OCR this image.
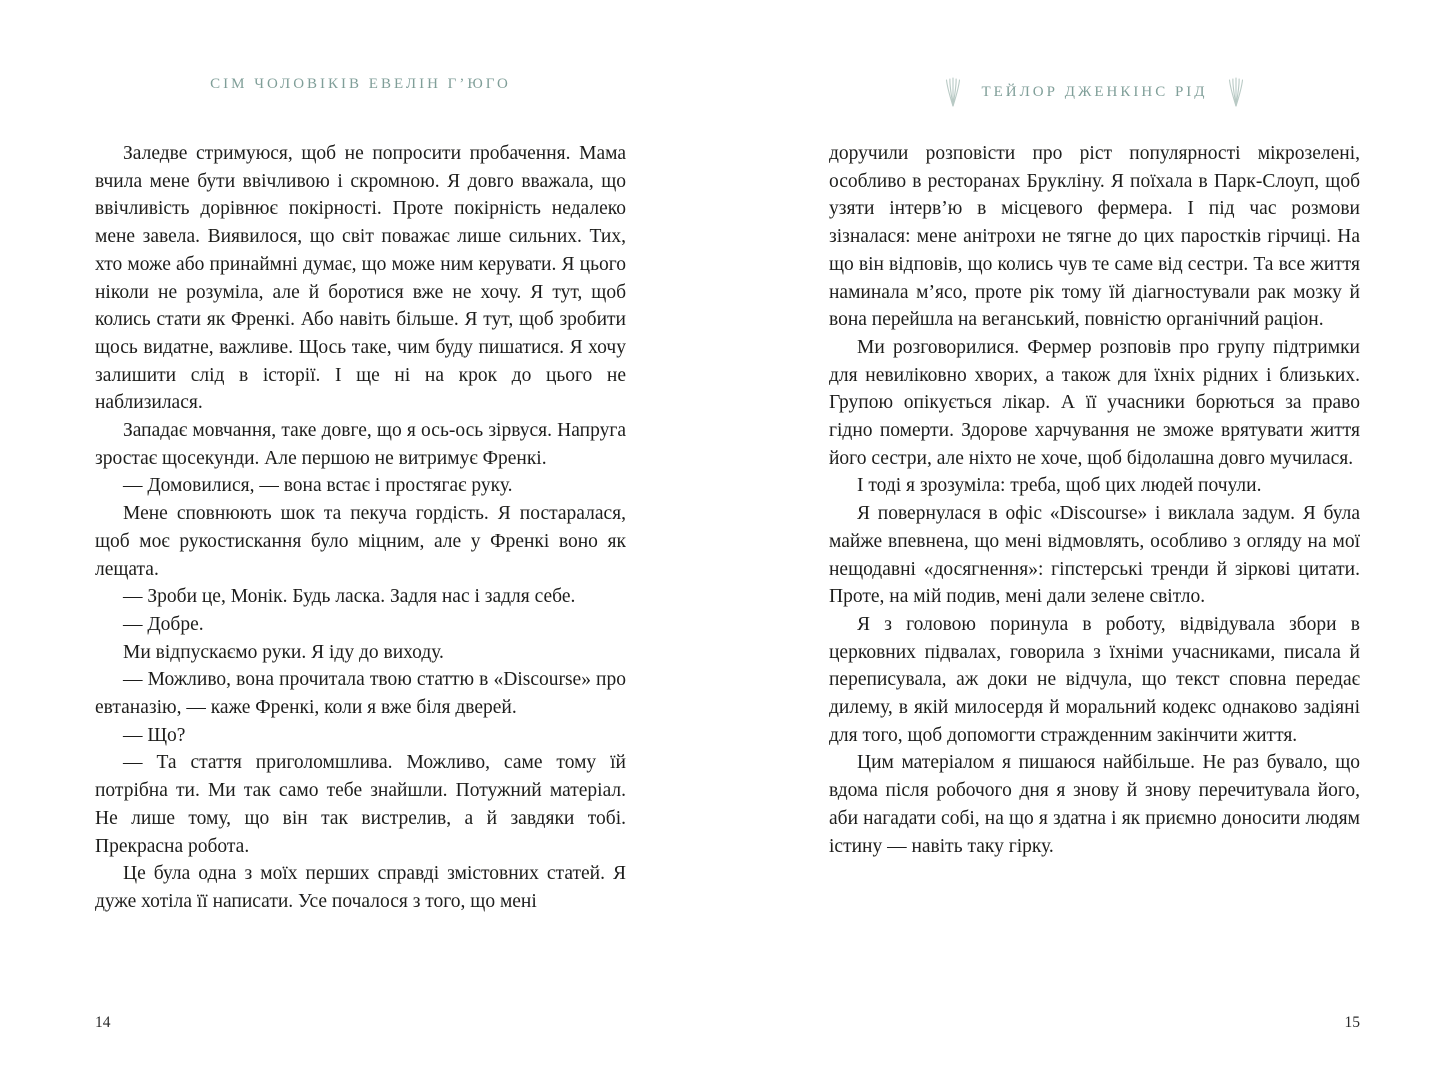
СІМ ЧОЛОВІКІВ ЕВЕЛІН Г’ЮГО

Заледве стримуюся, щоб не попросити пробачення. Мама вчила мене бути ввічливою і скромною. Я довго вважала, що ввічливість дорівнює покірності. Проте покірність недалеко мене завела. Виявилося, що світ поважає лише сильних. Тих, хто може або принаймні думає, що може ним керувати. Я цього ніколи не розуміла, але й боротися вже не хочу. Я тут, щоб колись стати як Френкі. Або навіть більше. Я тут, щоб зробити щось видатне, важливе. Щось таке, чим буду пишатися. Я хочу залишити слід в історії. І ще ні на крок до цього не наблизилася.

Западає мовчання, таке довге, що я ось-ось зірвуся. Напруга зростає щосекунди. Але першою не витримує Френкі.

— Домовилися, — вона встає і простягає руку.

Мене сповнюють шок та пекуча гордість. Я постаралася, щоб моє рукостискання було міцним, але у Френкі воно як лещата.

— Зроби це, Монік. Будь ласка. Задля нас і задля себе.

— Добре.

Ми відпускаємо руки. Я іду до виходу.

— Можливо, вона прочитала твою статтю в «Discourse» про евтаназію, — каже Френкі, коли я вже біля дверей.

— Що?

— Та стаття приголомшлива. Можливо, саме тому їй потрібна ти. Ми так само тебе знайшли. Потужний матеріал. Не лише тому, що він так вистрелив, а й завдяки тобі. Прекрасна робота.

Це була одна з моїх перших справді змістовних статей. Я дуже хотіла її написати. Усе почалося з того, що мені

14
ТЕЙЛОР ДЖЕНКІНС РІД

доручили розповісти про ріст популярності мікрозелені, особливо в ресторанах Брукліну. Я поїхала в Парк-Слоуп, щоб узяти інтерв’ю в місцевого фермера. І під час розмови зізналася: мене анітрохи не тягне до цих паростків гірчиці. На що він відповів, що колись чув те саме від сестри. Та все життя наминала м’ясо, проте рік тому їй діагностували рак мозку й вона перейшла на веганський, повністю органічний раціон.

Ми розговорилися. Фермер розповів про групу підтримки для невиліковно хворих, а також для їхніх рідних і близьких. Групою опікується лікар. А її учасники борються за право гідно померти. Здорове харчування не зможе врятувати життя його сестри, але ніхто не хоче, щоб бідолашна довго мучилася.

І тоді я зрозуміла: треба, щоб цих людей почули.

Я повернулася в офіс «Discourse» і виклала задум. Я була майже впевнена, що мені відмовлять, особливо з огляду на мої нещодавні «досягнення»: гіпстерські тренди й зіркові цитати. Проте, на мій подив, мені дали зелене світло.

Я з головою поринула в роботу, відвідувала збори в церковних підвалах, говорила з їхніми учасниками, писала й переписувала, аж доки не відчула, що текст сповна передає дилему, в якій милосердя й моральний кодекс однаково задіяні для того, щоб допомогти стражденним закінчити життя.

Цим матеріалом я пишаюся найбільше. Не раз бувало, що вдома після робочого дня я знову й знову перечитувала його, аби нагадати собі, на що я здатна і як приємно доносити людям істину — навіть таку гірку.

15
